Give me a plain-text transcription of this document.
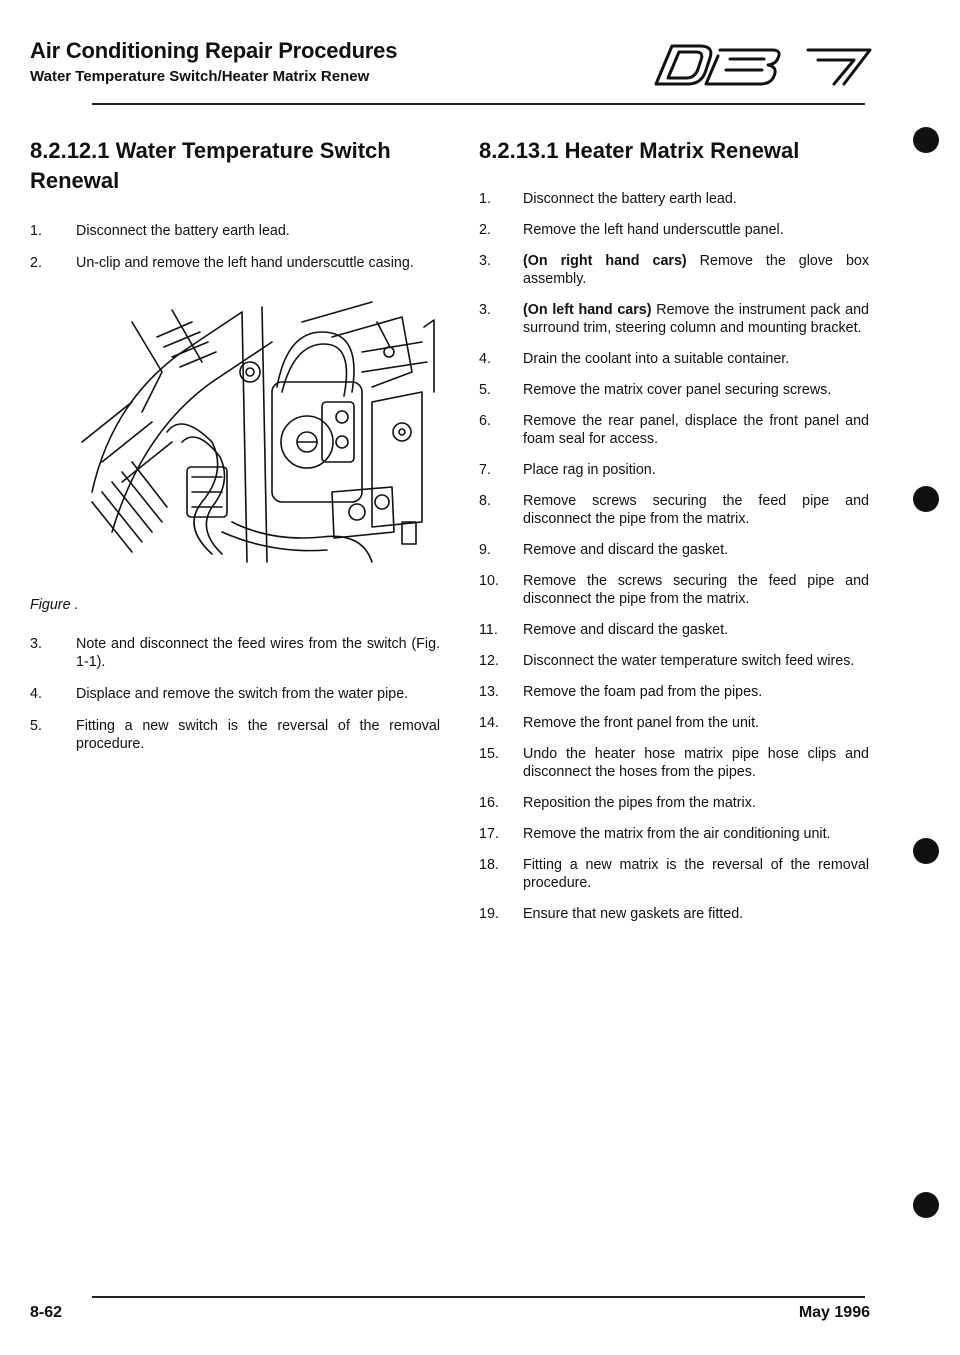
Air Conditioning Repair Procedures
Water Temperature Switch/Heater Matrix Renew
8.2.12.1 Water Temperature Switch Renewal
1.	Disconnect the battery earth lead.
2.	Un-clip and remove the left hand underscuttle casing.

Figure .

3.	Note and disconnect the feed wires from the switch (Fig. 1-1).
4.	Displace and remove the switch from the water pipe.
5.	Fitting a new switch is the reversal of the removal procedure.
8.2.13.1 Heater Matrix Renewal
1.	Disconnect the battery earth lead.
2.	Remove the left hand underscuttle panel.
3.	(On right hand cars) Remove the glove box assembly.
3.	(On left hand cars) Remove the instrument pack and surround trim, steering column and mounting bracket.
4.	Drain the coolant into a suitable container.
5.	Remove the matrix cover panel securing screws.
6.	Remove the rear panel, displace the front panel and foam seal for access.
7.	Place rag in position.
8.	Remove screws securing the feed pipe and disconnect the pipe from the matrix.
9.	Remove and discard the gasket.
10.	Remove the screws securing the feed pipe and disconnect the pipe from the matrix.
11.	Remove and discard the gasket.
12.	Disconnect the water temperature switch feed wires.
13.	Remove the foam pad from the pipes.
14.	Remove the front panel from the unit.
15.	Undo the heater hose matrix pipe hose clips and disconnect the hoses from the pipes.
16.	Reposition the pipes from the matrix.
17.	Remove the matrix from the air conditioning unit.
18.	Fitting a new matrix is the reversal of the removal procedure.
19.	Ensure that new gaskets are fitted.
8-62	May 1996
